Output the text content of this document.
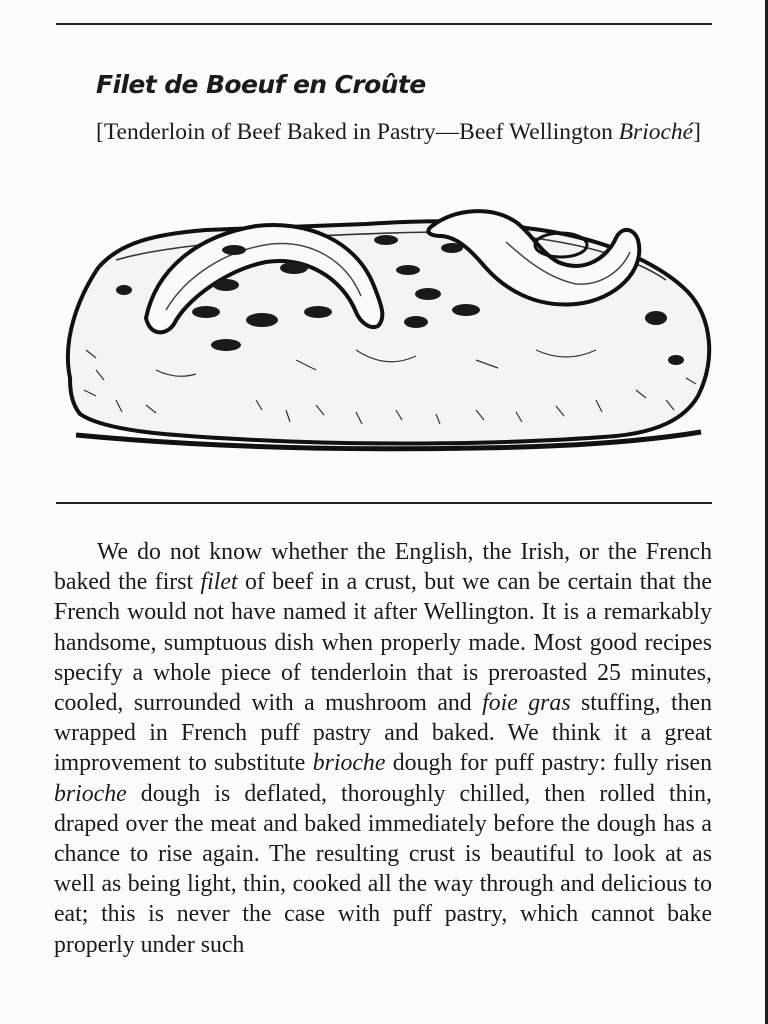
Filet de Boeuf en Croûte

[Tenderloin of Beef Baked in Pastry—Beef Wellington Brioché]

We do not know whether the English, the Irish, or the French baked the first filet of beef in a crust, but we can be certain that the French would not have named it after Wellington. It is a remarkably handsome, sumptuous dish when properly made. Most good recipes specify a whole piece of tenderloin that is preroasted 25 minutes, cooled, surrounded with a mushroom and foie gras stuffing, then wrapped in French puff pastry and baked. We think it a great improvement to substitute brioche dough for puff pastry: fully risen brioche dough is deflated, thoroughly chilled, then rolled thin, draped over the meat and baked immediately before the dough has a chance to rise again. The resulting crust is beautiful to look at as well as being light, thin, cooked all the way through and delicious to eat; this is never the case with puff pastry, which cannot bake properly under such
